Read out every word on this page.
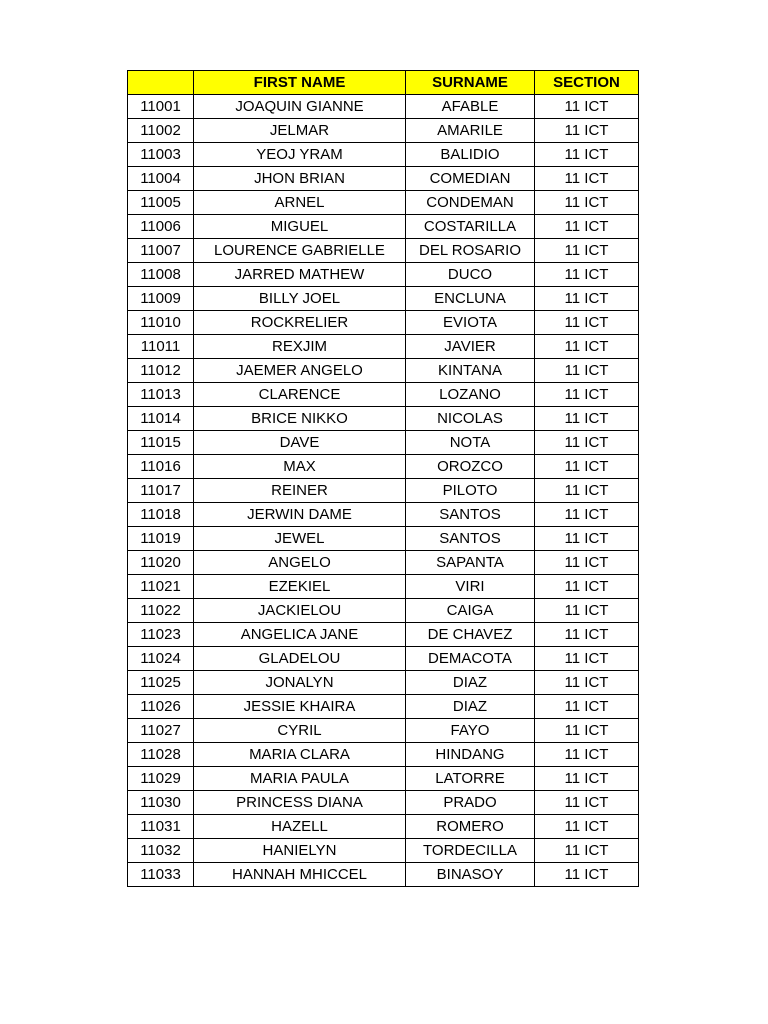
	FIRST NAME	SURNAME	SECTION
11001	JOAQUIN GIANNE	AFABLE	11 ICT
11002	JELMAR	AMARILE	11 ICT
11003	YEOJ YRAM	BALIDIO	11 ICT
11004	JHON BRIAN	COMEDIAN	11 ICT
11005	ARNEL	CONDEMAN	11 ICT
11006	MIGUEL	COSTARILLA	11 ICT
11007	LOURENCE GABRIELLE	DEL ROSARIO	11 ICT
11008	JARRED MATHEW	DUCO	11 ICT
11009	BILLY JOEL	ENCLUNA	11 ICT
11010	ROCKRELIER	EVIOTA	11 ICT
11011	REXJIM	JAVIER	11 ICT
11012	JAEMER ANGELO	KINTANA	11 ICT
11013	CLARENCE	LOZANO	11 ICT
11014	BRICE NIKKO	NICOLAS	11 ICT
11015	DAVE	NOTA	11 ICT
11016	MAX	OROZCO	11 ICT
11017	REINER	PILOTO	11 ICT
11018	JERWIN DAME	SANTOS	11 ICT
11019	JEWEL	SANTOS	11 ICT
11020	ANGELO	SAPANTA	11 ICT
11021	EZEKIEL	VIRI	11 ICT
11022	JACKIELOU	CAIGA	11 ICT
11023	ANGELICA JANE	DE CHAVEZ	11 ICT
11024	GLADELOU	DEMACOTA	11 ICT
11025	JONALYN	DIAZ	11 ICT
11026	JESSIE KHAIRA	DIAZ	11 ICT
11027	CYRIL	FAYO	11 ICT
11028	MARIA CLARA	HINDANG	11 ICT
11029	MARIA PAULA	LATORRE	11 ICT
11030	PRINCESS DIANA	PRADO	11 ICT
11031	HAZELL	ROMERO	11 ICT
11032	HANIELYN	TORDECILLA	11 ICT
11033	HANNAH MHICCEL	BINASOY	11 ICT
